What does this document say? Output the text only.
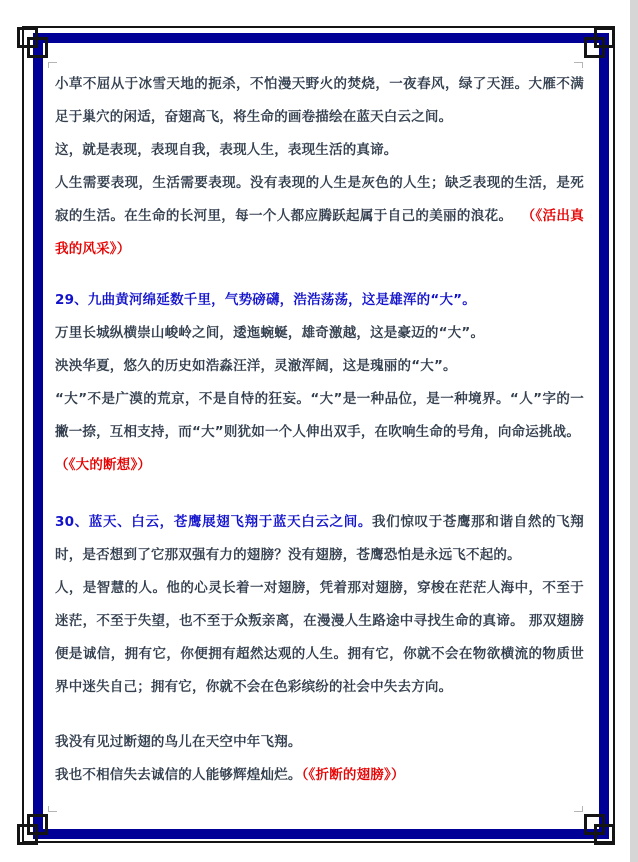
小草不屈从于冰雪天地的扼杀，不怕漫天野火的焚烧，一夜春风，绿了天涯。大雁不满足于巢穴的闲适，奋翅高飞，将生命的画卷描绘在蓝天白云之间。

这，就是表现，表现自我，表现人生，表现生活的真谛。

人生需要表现，生活需要表现。没有表现的人生是灰色的人生；缺乏表现的生活，是死寂的生活。在生命的长河里，每一个人都应腾跃起属于自己的美丽的浪花。 （《活出真我的风采》）

29、九曲黄河绵延数千里，气势磅礴，浩浩荡荡，这是雄浑的“大”。

万里长城纵横崇山峻岭之间，逶迤蜿蜒，雄奇激越，这是豪迈的“大”。

泱泱华夏，悠久的历史如浩淼汪洋，灵澈浑阔，这是瑰丽的“大”。

“大”不是广漠的荒京，不是自恃的狂妄。“大”是一种品位，是一种境界。“人”字的一撇一捺，互相支持，而“大”则犹如一个人伸出双手，在吹响生命的号角，向命运挑战。

（《大的断想》）

30、蓝天、白云，苍鹰展翅飞翔于蓝天白云之间。我们惊叹于苍鹰那和谐自然的飞翔时，是否想到了它那双强有力的翅膀？没有翅膀，苍鹰恐怕是永远飞不起的。

人，是智慧的人。他的心灵长着一对翅膀，凭着那对翅膀，穿梭在茫茫人海中，不至于迷茫，不至于失望，也不至于众叛亲离，在漫漫人生路途中寻找生命的真谛。 那双翅膀便是诚信，拥有它，你便拥有超然达观的人生。拥有它，你就不会在物欲横流的物质世界中迷失自己；拥有它，你就不会在色彩缤纷的社会中失去方向。

我没有见过断翅的鸟儿在天空中年飞翔。

我也不相信失去诚信的人能够辉煌灿烂。（《折断的翅膀》）
